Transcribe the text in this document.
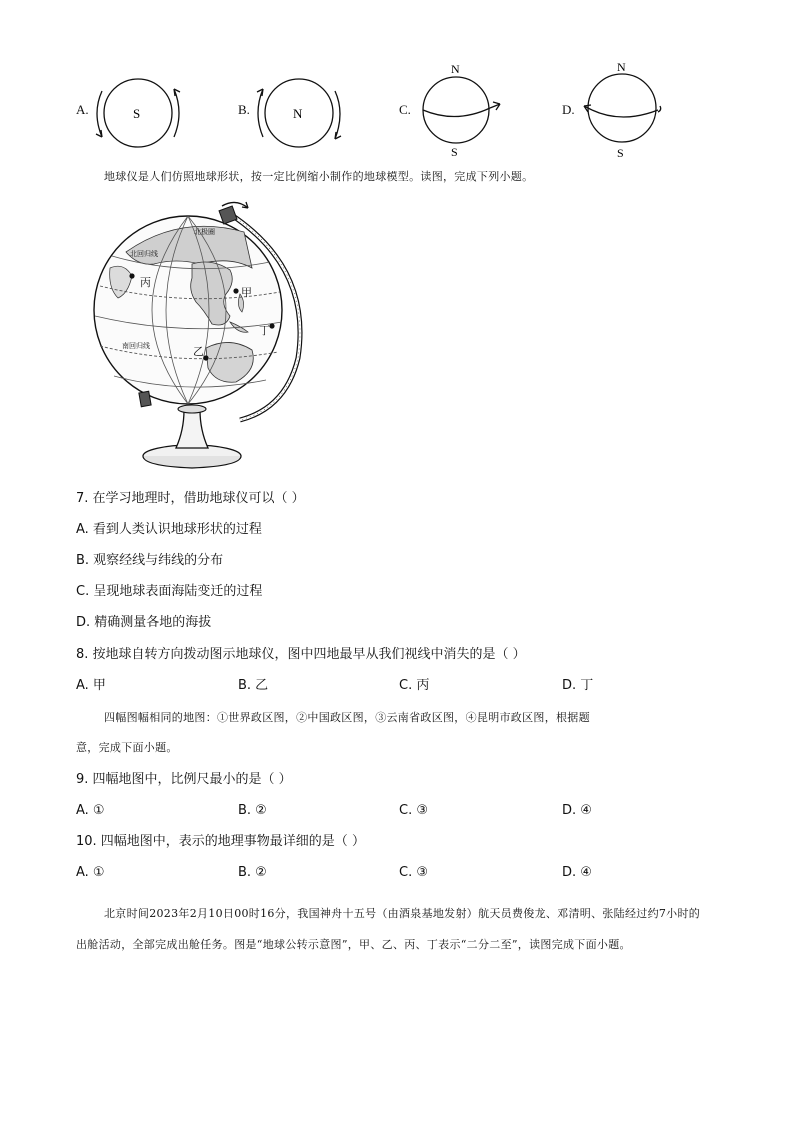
A.	S	B.	N	C.
N
S
D.
N
S
地球仪是人们仿照地球形状，按一定比例缩小制作的地球模型。读图，完成下列小题。
北极圈
北回归线
南回归线
丙
甲
丁
乙
7. 在学习地理时，借助地球仪可以（ ）
A. 看到人类认识地球形状的过程
B. 观察经线与纬线的分布
C. 呈现地球表面海陆变迁的过程
D. 精确测量各地的海拔
8. 按地球自转方向拨动图示地球仪，图中四地最早从我们视线中消失的是（ ）
A. 甲	B. 乙	C. 丙	D. 丁
四幅图幅相同的地图：①世界政区图，②中国政区图，③云南省政区图，④昆明市政区图，根据题
意，完成下面小题。
9. 四幅地图中，比例尺最小的是（ ）
A. ①	B. ②	C. ③	D. ④
10. 四幅地图中，表示的地理事物最详细的是（ ）
A. ①	B. ②	C. ③	D. ④
北京时间2023年2月10日00时16分，我国神舟十五号（由酒泉基地发射）航天员费俊龙、邓清明、张陆经过约7小时的出舱活动，全部完成出舱任务。图是“地球公转示意图”，甲、乙、丙、丁表示“二分二至”，读图完成下面小题。
